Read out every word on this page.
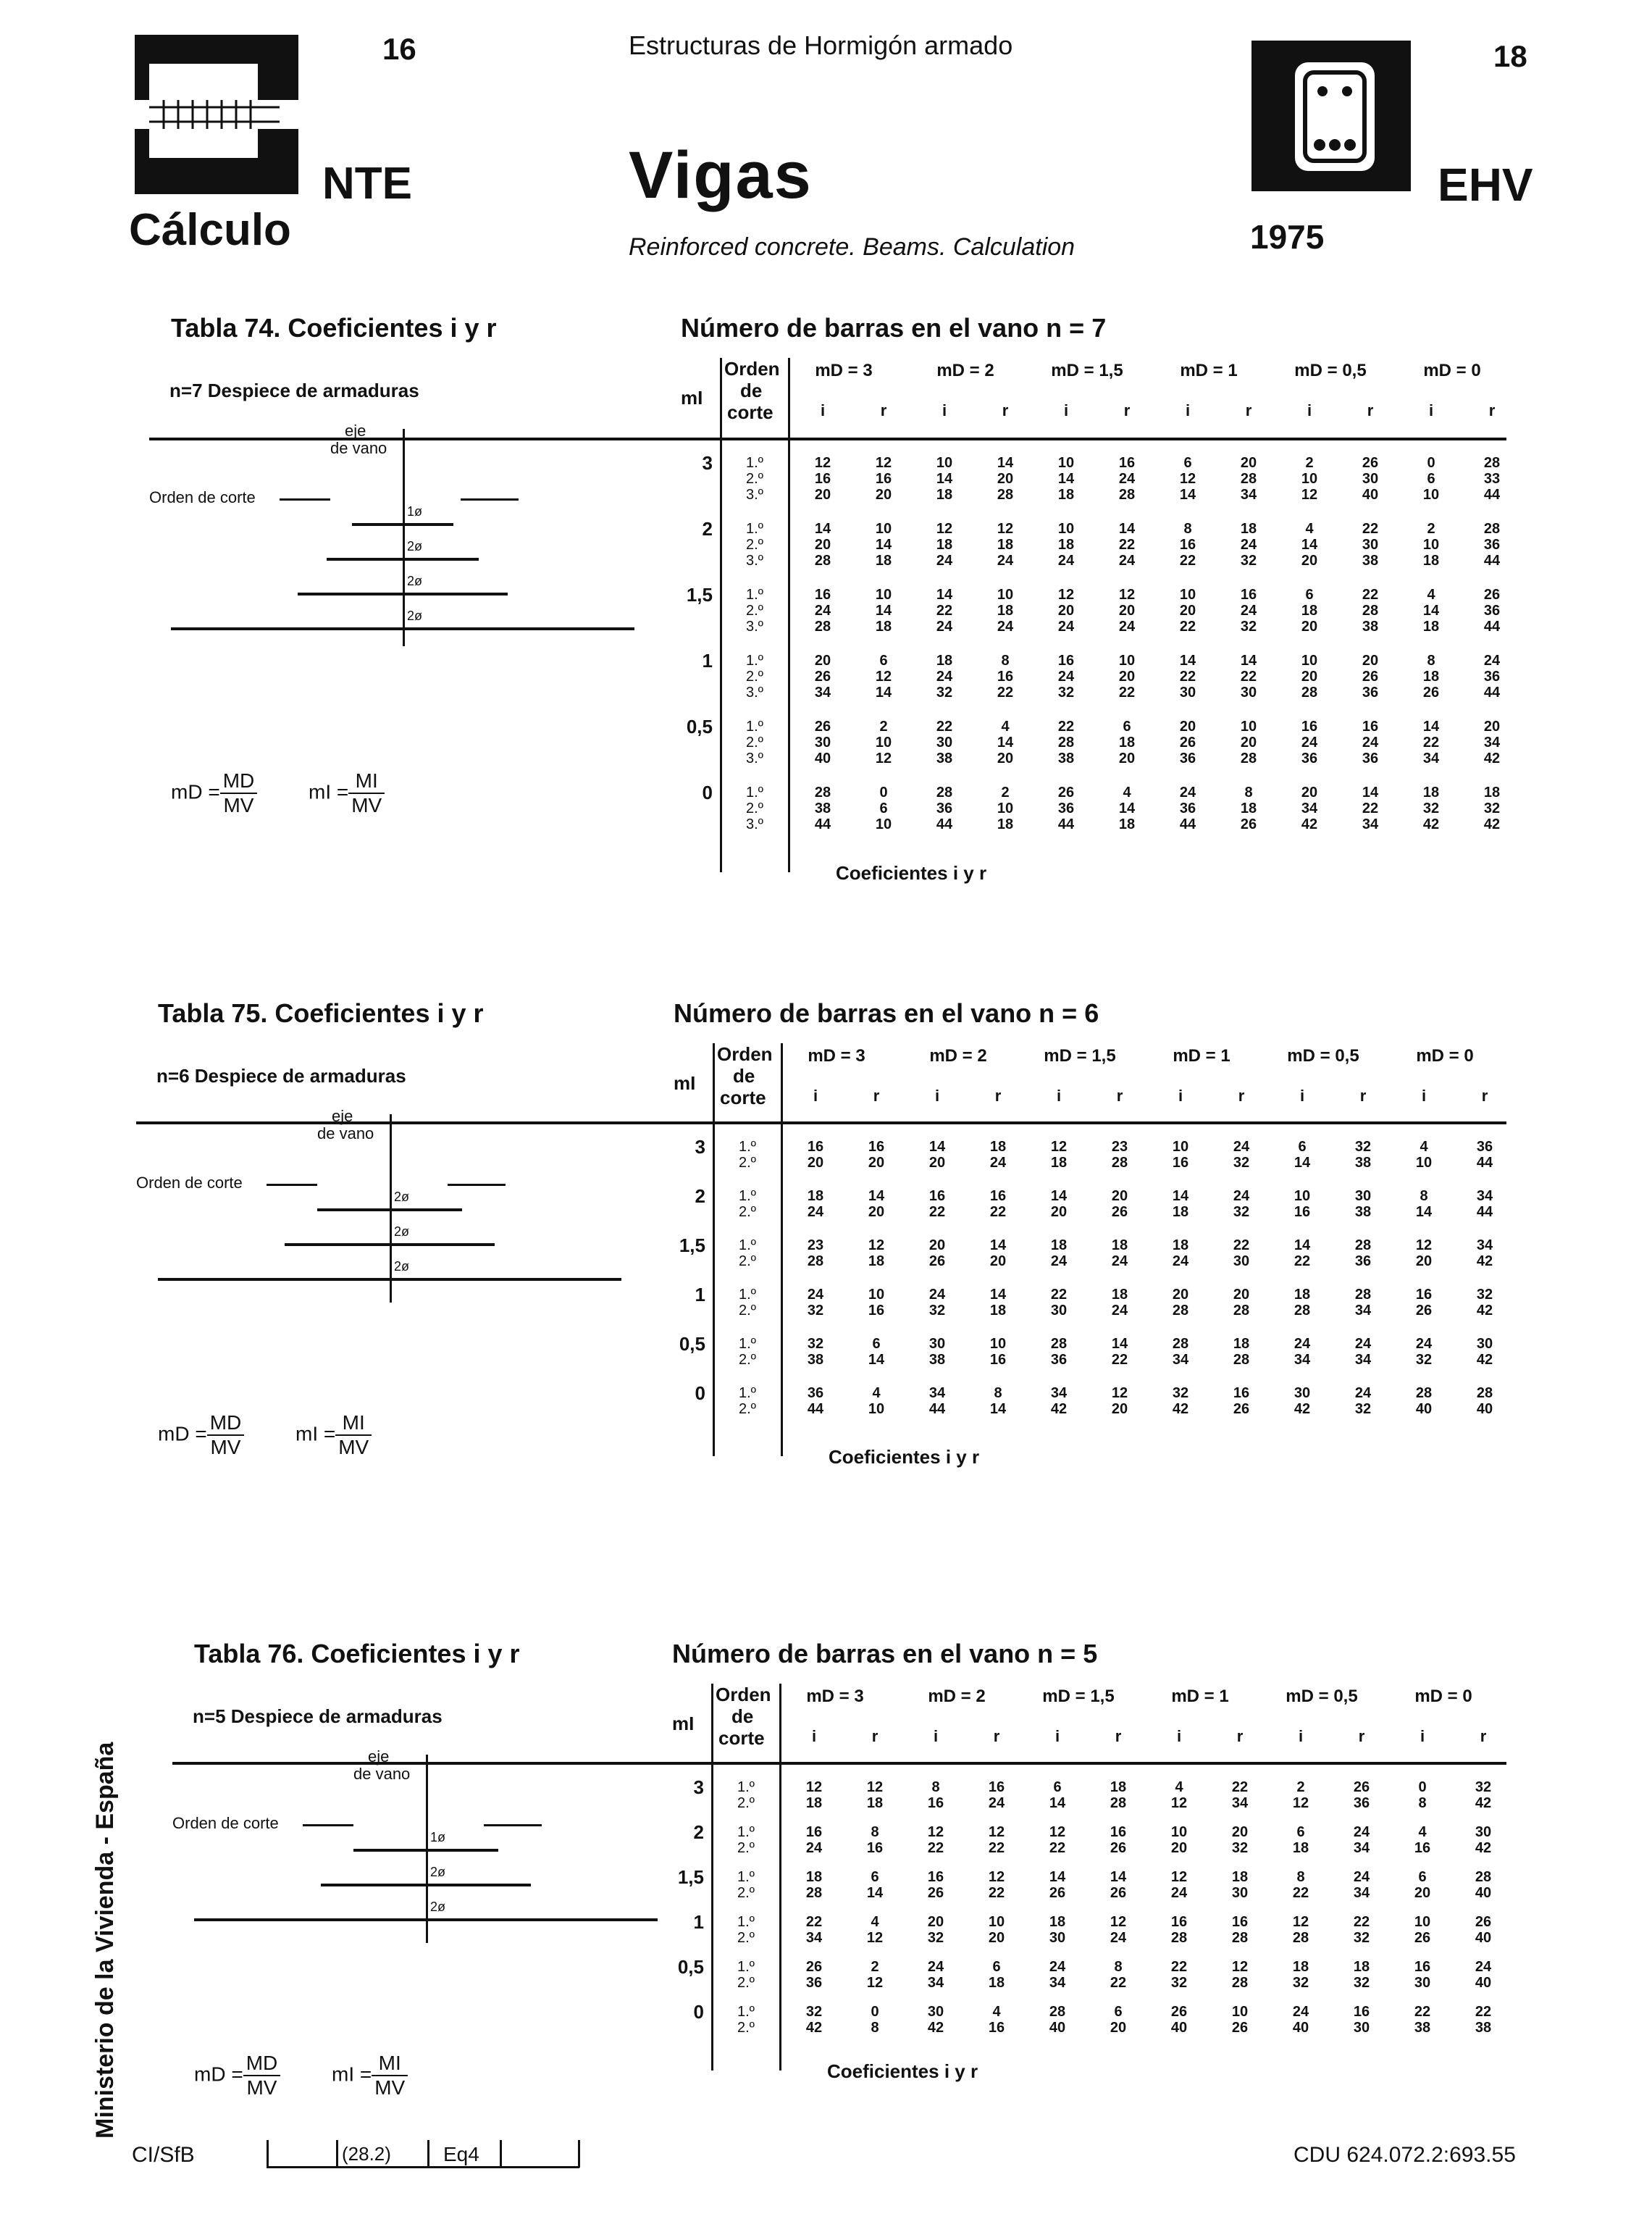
16
NTE
Cálculo
Estructuras de Hormigón armado
Vigas
Reinforced concrete. Beams. Calculation
18
EHV
1975
Ministerio de la Vivienda - España
Tabla 74. Coeficientes i y r	Número de barras en el vano n = 7
n=7 Despiece de armaduras	mI
Orden
de
corte
mD = 3
i	r
mD = 2
i	r
mD = 1,5
i	r
mD = 1
i	r
mD = 0,5
i	r
mD = 0
i	r
3	1.º	12	12	10	14	10	16	6	20	2	26	0	28
2.º	16	16	14	20	14	24	12	28	10	30	6	33
3.º	20	20	18	28	18	28	14	34	12	40	10	44
2	1.º	14	10	12	12	10	14	8	18	4	22	2	28
2.º	20	14	18	18	18	22	16	24	14	30	10	36
3.º	28	18	24	24	24	24	22	32	20	38	18	44
1,5	1.º	16	10	14	10	12	12	10	16	6	22	4	26
2.º	24	14	22	18	20	20	20	24	18	28	14	36
3.º	28	18	24	24	24	24	22	32	20	38	18	44
1	1.º	20	6	18	8	16	10	14	14	10	20	8	24
2.º	26	12	24	16	24	20	22	22	20	26	18	36
3.º	34	14	32	22	32	22	30	30	28	36	26	44
0,5	1.º	26	2	22	4	22	6	20	10	16	16	14	20
2.º	30	10	30	14	28	18	26	20	24	24	22	34
3.º	40	12	38	20	38	20	36	28	36	36	34	42
0	1.º	28	0	28	2	26	4	24	8	20	14	18	18
2.º	38	6	36	10	36	14	36	18	34	22	32	32
3.º	44	10	44	18	44	18	44	26	42	34	42	42
Coeficientes i y r
eje
de vano
Orden de corte
1ø
2ø
2ø
2ø
mD = $\frac{MD}{MV}$	mI = $\frac{MI}{MV}$
Tabla 75. Coeficientes i y r	Número de barras en el vano n = 6
n=6 Despiece de armaduras	mI
Orden
de
corte
mD = 3
i	r
mD = 2
i	r
mD = 1,5
i	r
mD = 1
i	r
mD = 0,5
i	r
mD = 0
i	r
3	1.º	16	16	14	18	12	23	10	24	6	32	4	36
2.º	20	20	20	24	18	28	16	32	14	38	10	44
2	1.º	18	14	16	16	14	20	14	24	10	30	8	34
2.º	24	20	22	22	20	26	18	32	16	38	14	44
1,5	1.º	23	12	20	14	18	18	18	22	14	28	12	34
2.º	28	18	26	20	24	24	24	30	22	36	20	42
1	1.º	24	10	24	14	22	18	20	20	18	28	16	32
2.º	32	16	32	18	30	24	28	28	28	34	26	42
0,5	1.º	32	6	30	10	28	14	28	18	24	24	24	30
2.º	38	14	38	16	36	22	34	28	34	34	32	42
0	1.º	36	4	34	8	34	12	32	16	30	24	28	28
2.º	44	10	44	14	42	20	42	26	42	32	40	40
Coeficientes i y r
eje
de vano
Orden de corte
2ø
2ø
2ø
mD = $\frac{MD}{MV}$	mI = $\frac{MI}{MV}$
Tabla 76. Coeficientes i y r	Número de barras en el vano n = 5
n=5 Despiece de armaduras	mI
Orden
de
corte
mD = 3
i	r
mD = 2
i	r
mD = 1,5
i	r
mD = 1
i	r
mD = 0,5
i	r
mD = 0
i	r
3	1.º	12	12	8	16	6	18	4	22	2	26	0	32
2.º	18	18	16	24	14	28	12	34	12	36	8	42
2	1.º	16	8	12	12	12	16	10	20	6	24	4	30
2.º	24	16	22	22	22	26	20	32	18	34	16	42
1,5	1.º	18	6	16	12	14	14	12	18	8	24	6	28
2.º	28	14	26	22	26	26	24	30	22	34	20	40
1	1.º	22	4	20	10	18	12	16	16	12	22	10	26
2.º	34	12	32	20	30	24	28	28	28	32	26	40
0,5	1.º	26	2	24	6	24	8	22	12	18	18	16	24
2.º	36	12	34	18	34	22	32	28	32	32	30	40
0	1.º	32	0	30	4	28	6	26	10	24	16	22	22
2.º	42	8	42	16	40	20	40	26	40	30	38	38
Coeficientes i y r
eje
de vano
Orden de corte
1ø
2ø
2ø
mD = $\frac{MD}{MV}$	mI = $\frac{MI}{MV}$
CI/SfB	(28.2)	Eq4	CDU 624.072.2:693.55
